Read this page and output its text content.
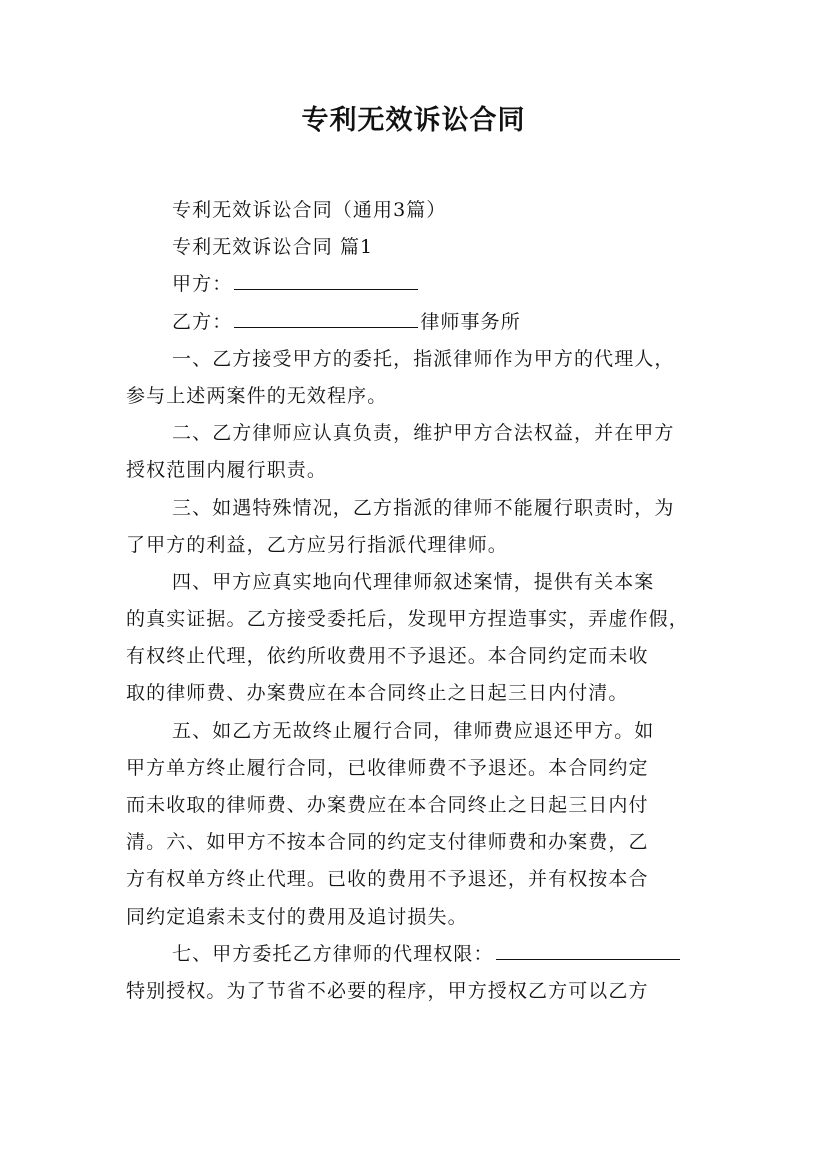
专利无效诉讼合同
专利无效诉讼合同（通用3篇）
专利无效诉讼合同 篇1
甲方：
乙方：	律师事务所
一、乙方接受甲方的委托，指派律师作为甲方的代理人，
参与上述两案件的无效程序。
二、乙方律师应认真负责，维护甲方合法权益，并在甲方
授权范围内履行职责。
三、如遇特殊情况，乙方指派的律师不能履行职责时，为
了甲方的利益，乙方应另行指派代理律师。
四、甲方应真实地向代理律师叙述案情，提供有关本案
的真实证据。乙方接受委托后，发现甲方捏造事实，弄虚作假，
有权终止代理，依约所收费用不予退还。本合同约定而未收
取的律师费、办案费应在本合同终止之日起三日内付清。
五、如乙方无故终止履行合同，律师费应退还甲方。如
甲方单方终止履行合同，已收律师费不予退还。本合同约定
而未收取的律师费、办案费应在本合同终止之日起三日内付
清。六、如甲方不按本合同的约定支付律师费和办案费，乙
方有权单方终止代理。已收的费用不予退还，并有权按本合
同约定追索未支付的费用及追讨损失。
七、甲方委托乙方律师的代理权限：
特别授权。为了节省不必要的程序，甲方授权乙方可以乙方
